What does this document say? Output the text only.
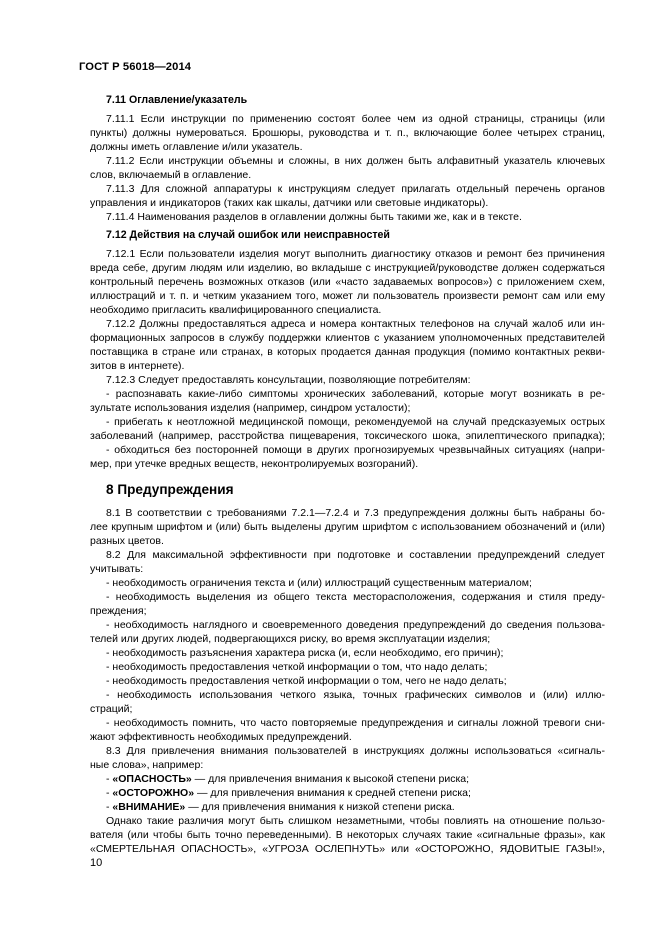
ГОСТ Р 56018—2014
7.11 Оглавление/указатель
7.11.1 Если инструкции по применению состоят более чем из одной страницы, страницы (или
пункты) должны нумероваться. Брошюры, руководства и т. п., включающие более четырех страниц,
должны иметь оглавление и/или указатель.
7.11.2 Если инструкции объемны и сложны, в них должен быть алфавитный указатель ключевых
слов, включаемый в оглавление.
7.11.3 Для сложной аппаратуры к инструкциям следует прилагать отдельный перечень органов
управления и индикаторов (таких как шкалы, датчики или световые индикаторы).
7.11.4 Наименования разделов в оглавлении должны быть такими же, как и в тексте.
7.12 Действия на случай ошибок или неисправностей
7.12.1 Если пользователи изделия могут выполнить диагностику отказов и ремонт без причинения
вреда себе, другим людям или изделию, во вкладыше с инструкцией/руководстве должен содержаться
контрольный перечень возможных отказов (или «часто задаваемых вопросов») с приложением схем,
иллюстраций и т. п. и четким указанием того, может ли пользователь произвести ремонт сам или ему
необходимо пригласить квалифицированного специалиста.
7.12.2 Должны предоставляться адреса и номера контактных телефонов на случай жалоб или ин-
формационных запросов в службу поддержки клиентов с указанием уполномоченных представителей
поставщика в стране или странах, в которых продается данная продукция (помимо контактных рекви-
зитов в интернете).
7.12.3 Следует предоставлять консультации, позволяющие потребителям:
- распознавать какие-либо симптомы хронических заболеваний, которые могут возникать в ре-
зультате использования изделия (например, синдром усталости);
- прибегать к неотложной медицинской помощи, рекомендуемой на случай предсказуемых острых
заболеваний (например, расстройства пищеварения, токсического шока, эпилептического припадка);
- обходиться без посторонней помощи в других прогнозируемых чрезвычайных ситуациях (напри-
мер, при утечке вредных веществ, неконтролируемых возгораний).
8 Предупреждения
8.1 В соответствии с требованиями 7.2.1—7.2.4 и 7.3 предупреждения должны быть набраны бо-
лее крупным шрифтом и (или) быть выделены другим шрифтом с использованием обозначений и (или)
разных цветов.
8.2 Для максимальной эффективности при подготовке и составлении предупреждений следует
учитывать:
- необходимость ограничения текста и (или) иллюстраций существенным материалом;
- необходимость выделения из общего текста месторасположения, содержания и стиля преду-
преждения;
- необходимость наглядного и своевременного доведения предупреждений до сведения пользова-
телей или других людей, подвергающихся риску, во время эксплуатации изделия;
- необходимость разъяснения характера риска (и, если необходимо, его причин);
- необходимость предоставления четкой информации о том, что надо делать;
- необходимость предоставления четкой информации о том, чего не надо делать;
- необходимость использования четкого языка, точных графических символов и (или) иллю-
страций;
- необходимость помнить, что часто повторяемые предупреждения и сигналы ложной тревоги сни-
жают эффективность необходимых предупреждений.
8.3 Для привлечения внимания пользователей в инструкциях должны использоваться «сигналь-
ные слова», например:
- «ОПАСНОСТЬ» — для привлечения внимания к высокой степени риска;
- «ОСТОРОЖНО» — для привлечения внимания к средней степени риска;
- «ВНИМАНИЕ» — для привлечения внимания к низкой степени риска.
Однако такие различия могут быть слишком незаметными, чтобы повлиять на отношение пользо-
вателя (или чтобы быть точно переведенными). В некоторых случаях такие «сигнальные фразы», как
«СМЕРТЕЛЬНАЯ ОПАСНОСТЬ», «УГРОЗА ОСЛЕПНУТЬ» или «ОСТОРОЖНО, ЯДОВИТЫЕ ГАЗЫ!»,
10
